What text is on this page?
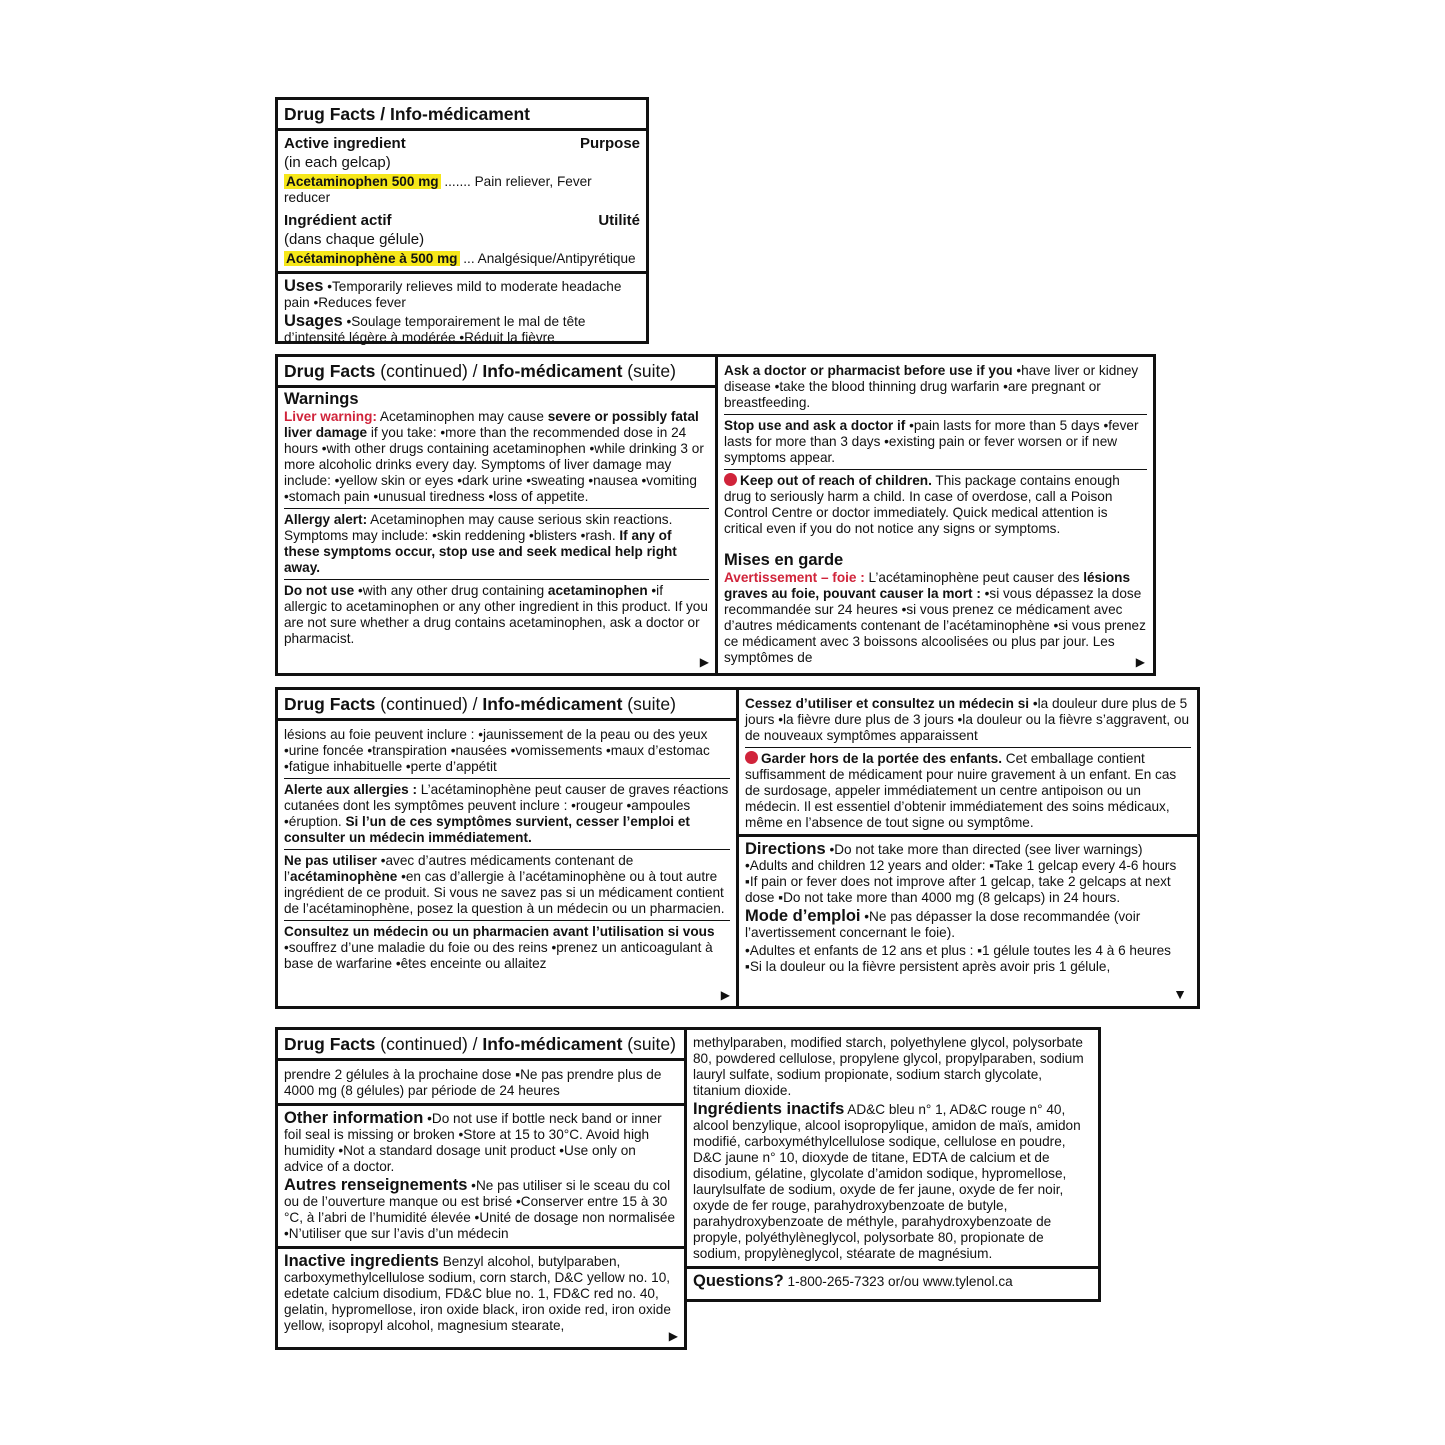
Drug Facts / Info-médicament
Active ingredient	Purpose
(in each gelcap)
Acetaminophen 500 mg ....... Pain reliever, Fever reducer
Ingrédient actif	Utilité
(dans chaque gélule)
Acétaminophène à 500 mg ... Analgésique/Antipyrétique
Uses •Temporarily relieves mild to moderate headache pain •Reduces fever
Usages •Soulage temporairement le mal de tête d’intensité légère à modérée •Réduit la fièvre
Drug Facts (continued) / Info-médicament (suite)
Warnings
Liver warning: Acetaminophen may cause severe or possibly fatal liver damage if you take: •more than the recommended dose in 24 hours •with other drugs containing acetaminophen •while drinking 3 or more alcoholic drinks every day. Symptoms of liver damage may include: •yellow skin or eyes •dark urine •sweating •nausea •vomiting •stomach pain •unusual tiredness •loss of appetite.
Allergy alert: Acetaminophen may cause serious skin reactions. Symptoms may include: •skin reddening •blisters •rash. If any of these symptoms occur, stop use and seek medical help right away.
Do not use •with any other drug containing acetaminophen •if allergic to acetaminophen or any other ingredient in this product. If you are not sure whether a drug contains acetaminophen, ask a doctor or pharmacist.
▶
Ask a doctor or pharmacist before use if you •have liver or kidney disease •take the blood thinning drug warfarin •are pregnant or breastfeeding.
Stop use and ask a doctor if •pain lasts for more than 5 days •fever lasts for more than 3 days •existing pain or fever worsen or if new symptoms appear.
Keep out of reach of children. This package contains enough drug to seriously harm a child. In case of overdose, call a Poison Control Centre or doctor immediately. Quick medical attention is critical even if you do not notice any signs or symptoms.
Mises en garde
Avertissement – foie : L’acétaminophène peut causer des lésions graves au foie, pouvant causer la mort : •si vous dépassez la dose recommandée sur 24 heures •si vous prenez ce médicament avec d’autres médicaments contenant de l’acétaminophène •si vous prenez ce médicament avec 3 boissons alcoolisées ou plus par jour. Les symptômes de	▶
Drug Facts (continued) / Info-médicament (suite)
lésions au foie peuvent inclure : •jaunissement de la peau ou des yeux •urine foncée •transpiration •nausées •vomissements •maux d’estomac •fatigue inhabituelle •perte d’appétit
Alerte aux allergies : L’acétaminophène peut causer de graves réactions cutanées dont les symptômes peuvent inclure : •rougeur •ampoules •éruption. Si l’un de ces symptômes survient, cesser l’emploi et consulter un médecin immédiatement.
Ne pas utiliser •avec d’autres médicaments contenant de l’acétaminophène •en cas d’allergie à l’acétaminophène ou à tout autre ingrédient de ce produit. Si vous ne savez pas si un médicament contient de l’acétaminophène, posez la question à un médecin ou un pharmacien.
Consultez un médecin ou un pharmacien avant l’utilisation si vous •souffrez d’une maladie du foie ou des reins •prenez un anticoagulant à base de warfarine •êtes enceinte ou allaitez
▶
Cessez d’utiliser et consultez un médecin si •la douleur dure plus de 5 jours •la fièvre dure plus de 3 jours •la douleur ou la fièvre s’aggravent, ou de nouveaux symptômes apparaissent
Garder hors de la portée des enfants. Cet emballage contient suffisamment de médicament pour nuire gravement à un enfant. En cas de surdosage, appeler immédiatement un centre antipoison ou un médecin. Il est essentiel d’obtenir immédiatement des soins médicaux, même en l’absence de tout signe ou symptôme.
Directions •Do not take more than directed (see liver warnings)
•Adults and children 12 years and older: ▪Take 1 gelcap every 4-6 hours ▪If pain or fever does not improve after 1 gelcap, take 2 gelcaps at next dose ▪Do not take more than 4000 mg (8 gelcaps) in 24 hours.
Mode d’emploi •Ne pas dépasser la dose recommandée (voir l’avertissement concernant le foie).
•Adultes et enfants de 12 ans et plus : ▪1 gélule toutes les 4 à 6 heures ▪Si la douleur ou la fièvre persistent après avoir pris 1 gélule,
▼
Drug Facts (continued) / Info-médicament (suite)
prendre 2 gélules à la prochaine dose ▪Ne pas prendre plus de 4000 mg (8 gélules) par période de 24 heures
Other information •Do not use if bottle neck band or inner foil seal is missing or broken •Store at 15 to 30°C. Avoid high humidity •Not a standard dosage unit product •Use only on advice of a doctor.
Autres renseignements •Ne pas utiliser si le sceau du col ou de l’ouverture manque ou est brisé •Conserver entre 15 à 30 °C, à l’abri de l’humidité élevée •Unité de dosage non normalisée •N’utiliser que sur l’avis d’un médecin
Inactive ingredients Benzyl alcohol, butylparaben, carboxymethylcellulose sodium, corn starch, D&C yellow no. 10, edetate calcium disodium, FD&C blue no. 1, FD&C red no. 40, gelatin, hypromellose, iron oxide black, iron oxide red, iron oxide yellow, isopropyl alcohol, magnesium stearate,
▶
methylparaben, modified starch, polyethylene glycol, polysorbate 80, powdered cellulose, propylene glycol, propylparaben, sodium lauryl sulfate, sodium propionate, sodium starch glycolate, titanium dioxide.
Ingrédients inactifs AD&C bleu n° 1, AD&C rouge n° 40, alcool benzylique, alcool isopropylique, amidon de maïs, amidon modifié, carboxyméthylcellulose sodique, cellulose en poudre, D&C jaune n° 10, dioxyde de titane, EDTA de calcium et de disodium, gélatine, glycolate d’amidon sodique, hypromellose, laurylsulfate de sodium, oxyde de fer jaune, oxyde de fer noir, oxyde de fer rouge, parahydroxybenzoate de butyle, parahydroxybenzoate de méthyle, parahydroxybenzoate de propyle, polyéthylèneglycol, polysorbate 80, propionate de sodium, propylèneglycol, stéarate de magnésium.
Questions? 1-800-265-7323 or/ou www.tylenol.ca
